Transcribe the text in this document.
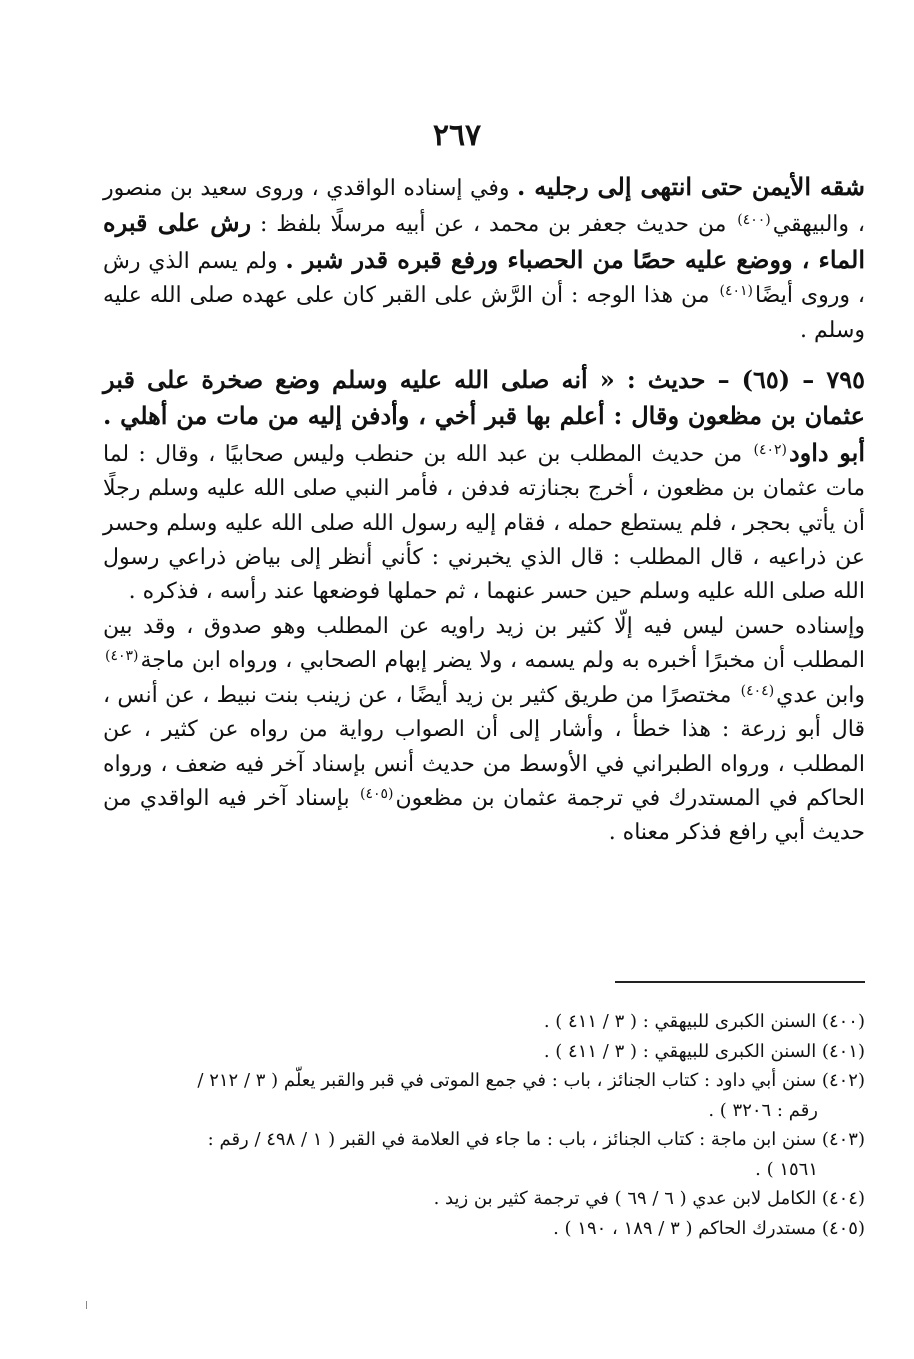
٢٦٧

شقه الأيمن حتى انتهى إلى رجليه . وفي إسناده الواقدي ، وروى سعيد بن منصور ، والبيهقي$^{(٤٠٠)}$ من حديث جعفر بن محمد ، عن أبيه مرسلًا بلفظ : رش على قبره الماء ، ووضع عليه حصًا من الحصباء ورفع قبره قدر شبر . ولم يسم الذي رش ، وروى أيضًا$^{(٤٠١)}$ من هذا الوجه : أن الرَّش على القبر كان على عهده صلى الله عليه وسلم .

٧٩٥ – (٦٥) – حديث : « أنه صلى الله عليه وسلم وضع صخرة على قبر عثمان بن مظعون وقال : أعلم بها قبر أخي ، وأدفن إليه من مات من أهلي . أبو داود$^{(٤٠٢)}$ من حديث المطلب بن عبد الله بن حنطب وليس صحابيًا ، وقال : لما مات عثمان بن مظعون ، أخرج بجنازته فدفن ، فأمر النبي صلى الله عليه وسلم رجلًا أن يأتي بحجر ، فلم يستطع حمله ، فقام إليه رسول الله صلى الله عليه وسلم وحسر عن ذراعيه ، قال المطلب : قال الذي يخبرني : كأني أنظر إلى بياض ذراعي رسول الله صلى الله عليه وسلم حين حسر عنهما ، ثم حملها فوضعها عند رأسه ، فذكره .

وإسناده حسن ليس فيه إلّا كثير بن زيد راويه عن المطلب وهو صدوق ، وقد بين المطلب أن مخبرًا أخبره به ولم يسمه ، ولا يضر إبهام الصحابي ، ورواه ابن ماجة$^{(٤٠٣)}$ وابن عدي$^{(٤٠٤)}$ مختصرًا من طريق كثير بن زيد أيضًا ، عن زينب بنت نبيط ، عن أنس ، قال أبو زرعة : هذا خطأ ، وأشار إلى أن الصواب رواية من رواه عن كثير ، عن المطلب ، ورواه الطبراني في الأوسط من حديث أنس بإسناد آخر فيه ضعف ، ورواه الحاكم في المستدرك في ترجمة عثمان بن مظعون$^{(٤٠٥)}$ بإسناد آخر فيه الواقدي من حديث أبي رافع فذكر معناه .

(٤٠٠) السنن الكبرى للبيهقي : ( ٣ / ٤١١ ) .

(٤٠١) السنن الكبرى للبيهقي : ( ٣ / ٤١١ ) .

(٤٠٢) سنن أبي داود : كتاب الجنائز ، باب : في جمع الموتى في قبر والقبر يعلّم ( ٣ / ٢١٢ /
رقم : ٣٢٠٦ ) .

(٤٠٣) سنن ابن ماجة : كتاب الجنائز ، باب : ما جاء في العلامة في القبر ( ١ / ٤٩٨ / رقم :
١٥٦١ ) .

(٤٠٤) الكامل لابن عدي ( ٦ / ٦٩ ) في ترجمة كثير بن زيد .

(٤٠٥) مستدرك الحاكم ( ٣ / ١٨٩ ، ١٩٠ ) .
